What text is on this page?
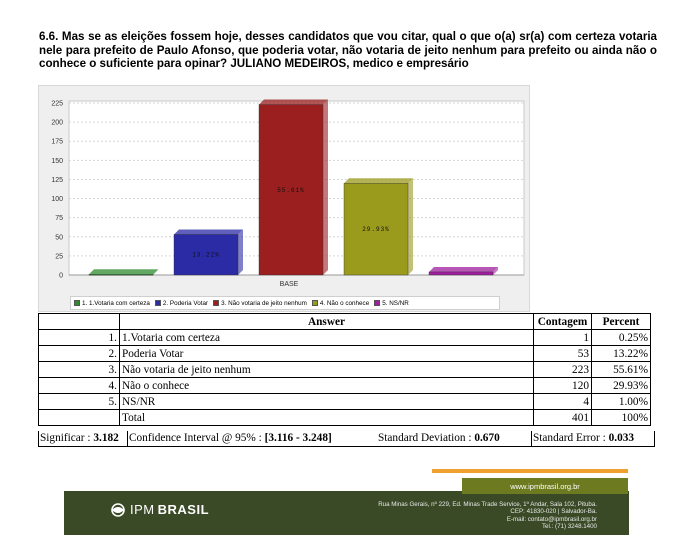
6.6. Mas se as eleições fossem hoje, desses candidatos que vou citar, qual o que o(a) sr(a) com certeza votaria nele para prefeito de Paulo Afonso, que poderia votar, não votaria de jeito nenhum para prefeito ou ainda não o conhece o suficiente para opinar? JULIANO MEDEIROS, medico e empresário
0
25
50
75
100
125
150
175
200
225
13.22%
55.61%
29.93%
BASE
1. 1.Votaria com certeza 2. Poderia Votar 3. Não votaria de jeito nenhum 4. Não o conhece 5. NS/NR
	Answer	Contagem	Percent
1.	1.Votaria com certeza	1	0.25%
2.	Poderia Votar	53	13.22%
3.	Não votaria de jeito nenhum	223	55.61%
4.	Não o conhece	120	29.93%
5.	NS/NR	4	1.00%
	Total	401	100%
Significar : 3.182 Confidence Interval @ 95% : [3.116 - 3.248]	Standard Deviation : 0.670	Standard Error : 0.033
IPM BRASIL	Rua Minas Gerais, nº 229, Ed. Minas Trade Service, 1º Andar, Sala 102, Pituba.
CEP: 41830-020 | Salvador-Ba.
E-mail: contato@ipmbrasil.org.br
Tel.: (71) 3248.1400
www.ipmbrasil.org.br
